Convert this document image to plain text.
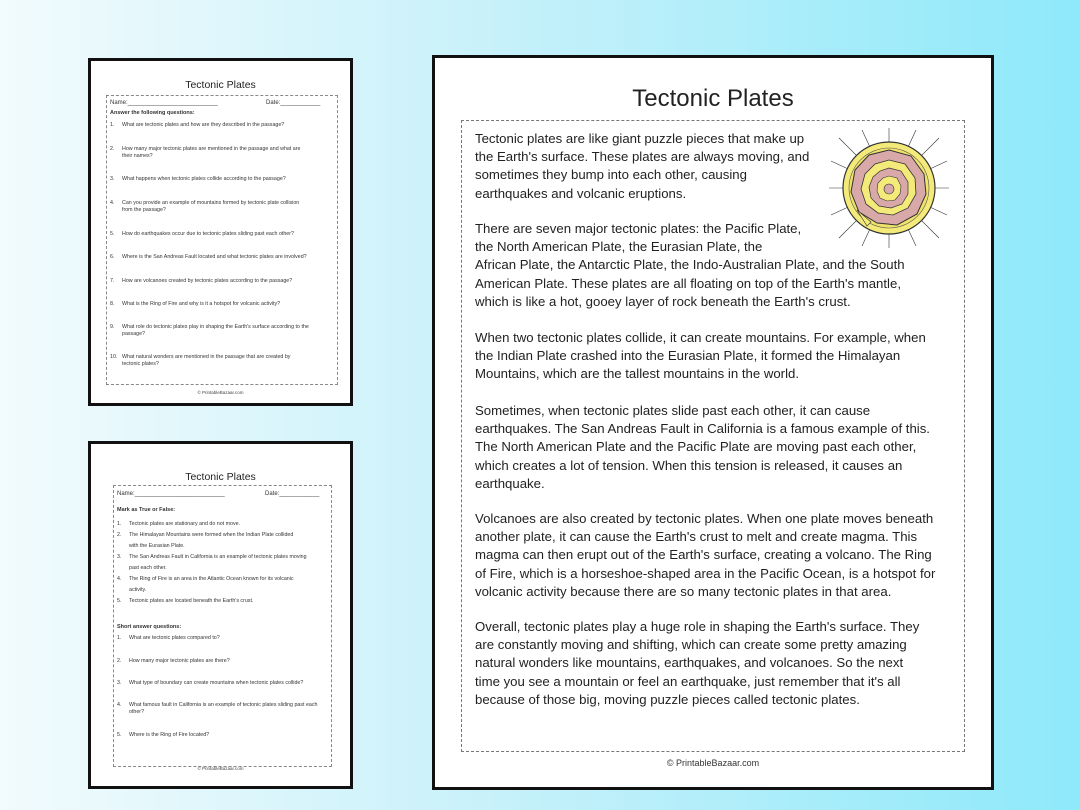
Tectonic Plates
Name:___________________________	Date:____________
Answer the following questions:
1. What are tectonic plates and how are they described in the passage?
2. How many major tectonic plates are mentioned in the passage and what are
their names?
3. What happens when tectonic plates collide according to the passage?
4. Can you provide an example of mountains formed by tectonic plate collision
from the passage?
5. How do earthquakes occur due to tectonic plates sliding past each other?
6. Where is the San Andreas Fault located and what tectonic plates are involved?
7. How are volcanoes created by tectonic plates according to the passage?
8. What is the Ring of Fire and why is it a hotspot for volcanic activity?
9. What role do tectonic plates play in shaping the Earth's surface according to the
passage?
10. What natural wonders are mentioned in the passage that are created by
tectonic plates?
© PrintableBazaar.com
Tectonic Plates
Name:___________________________	Date:____________
Mark as True or False:
1. Tectonic plates are stationary and do not move.
2. The Himalayan Mountains were formed when the Indian Plate collided
with the Eurasian Plate.
3. The San Andreas Fault in California is an example of tectonic plates moving
past each other.
4. The Ring of Fire is an area in the Atlantic Ocean known for its volcanic
activity.
5. Tectonic plates are located beneath the Earth's crust.
Short answer questions:
1. What are tectonic plates compared to?
2. How many major tectonic plates are there?
3. What type of boundary can create mountains when tectonic plates collide?
4. What famous fault in California is an example of tectonic plates sliding past each
other?
5. Where is the Ring of Fire located?
© PrintableBazaar.com
Tectonic Plates
Tectonic plates are like giant puzzle pieces that make up
the Earth's surface. These plates are always moving, and
sometimes they bump into each other, causing
earthquakes and volcanic eruptions.
There are seven major tectonic plates: the Pacific Plate,
the North American Plate, the Eurasian Plate, the
African Plate, the Antarctic Plate, the Indo-Australian Plate, and the South
American Plate. These plates are all floating on top of the Earth's mantle,
which is like a hot, gooey layer of rock beneath the Earth's crust.
When two tectonic plates collide, it can create mountains. For example, when
the Indian Plate crashed into the Eurasian Plate, it formed the Himalayan
Mountains, which are the tallest mountains in the world.
Sometimes, when tectonic plates slide past each other, it can cause
earthquakes. The San Andreas Fault in California is a famous example of this.
The North American Plate and the Pacific Plate are moving past each other,
which creates a lot of tension. When this tension is released, it causes an
earthquake.
Volcanoes are also created by tectonic plates. When one plate moves beneath
another plate, it can cause the Earth's crust to melt and create magma. This
magma can then erupt out of the Earth's surface, creating a volcano. The Ring
of Fire, which is a horseshoe-shaped area in the Pacific Ocean, is a hotspot for
volcanic activity because there are so many tectonic plates in that area.
Overall, tectonic plates play a huge role in shaping the Earth's surface. They
are constantly moving and shifting, which can create some pretty amazing
natural wonders like mountains, earthquakes, and volcanoes. So the next
time you see a mountain or feel an earthquake, just remember that it's all
because of those big, moving puzzle pieces called tectonic plates.
© PrintableBazaar.com
